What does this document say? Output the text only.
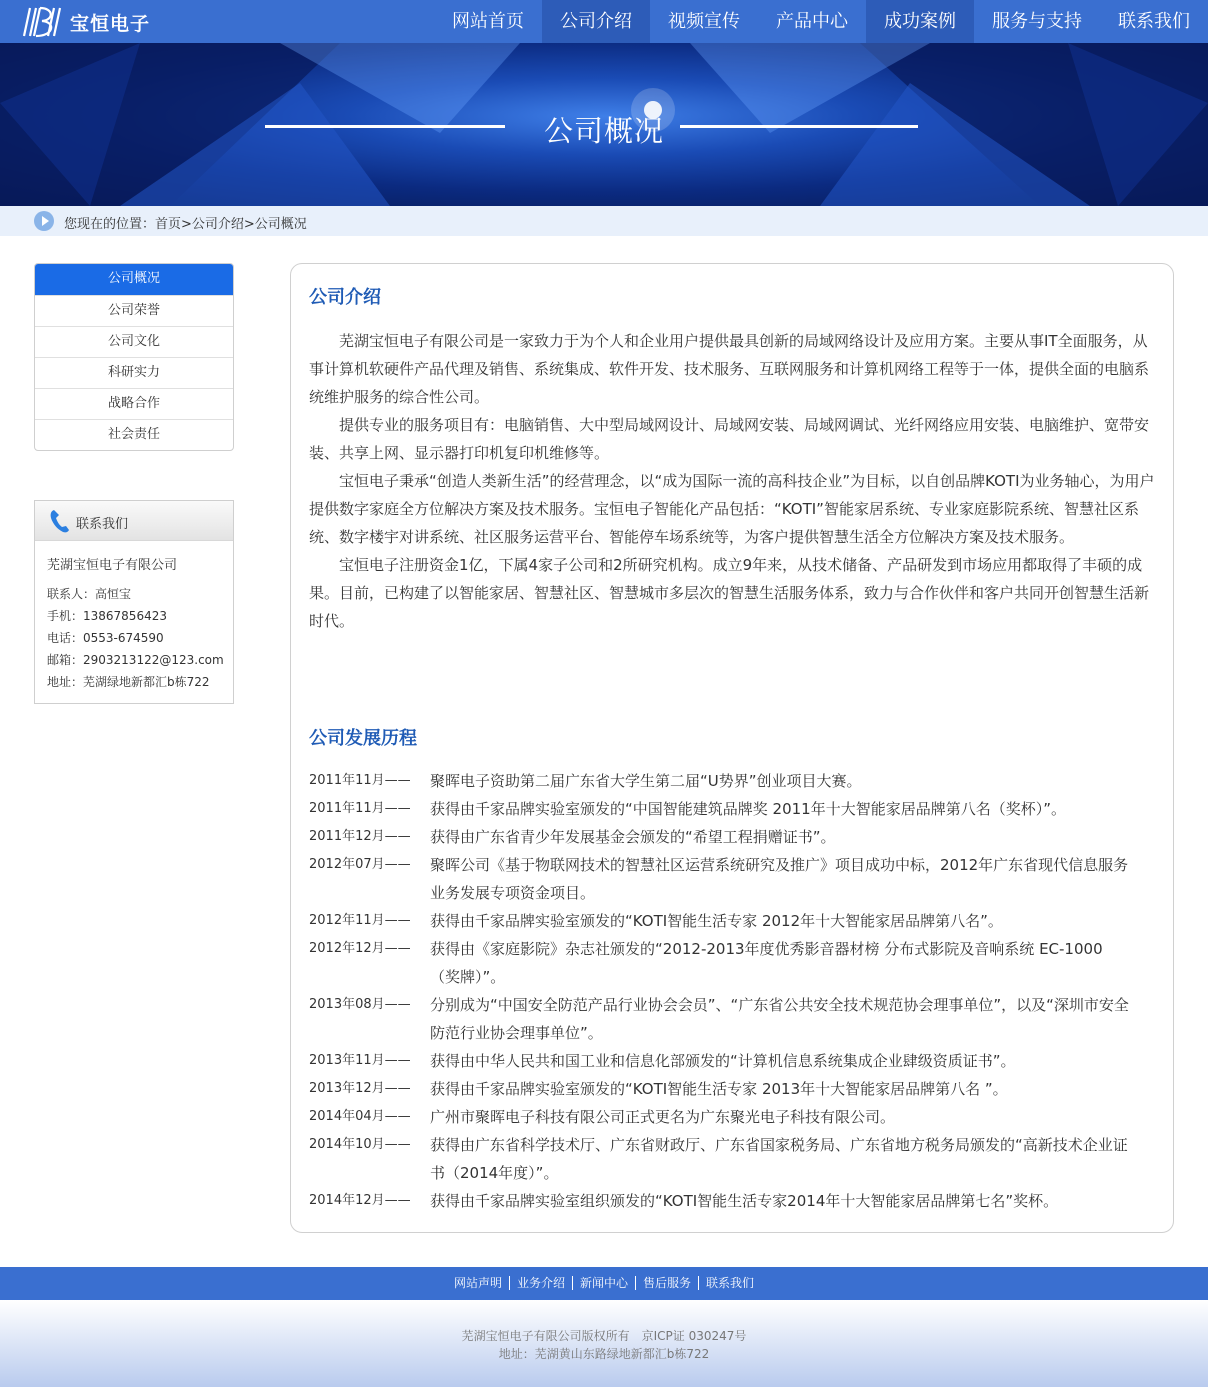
宝恒电子	网站首页	公司介绍	视频宣传	产品中心	成功案例	服务与支持	联系我们
公司概况
您现在的位置：首页>公司介绍>公司概况
公司概况
公司荣誉
公司文化
科研实力
战略合作
社会责任
联系我们
芜湖宝恒电子有限公司
联系人：高恒宝
手机：13867856423
电话：0553-674590
邮箱：2903213122@123.com
地址：芜湖绿地新都汇b栋722
公司介绍

芜湖宝恒电子有限公司是一家致力于为个人和企业用户提供最具创新的局域网络设计及应用方案。主要从事IT全面服务，从事计算机软硬件产品代理及销售、系统集成、软件开发、技术服务、互联网服务和计算机网络工程等于一体，提供全面的电脑系统维护服务的综合性公司。

提供专业的服务项目有：电脑销售、大中型局域网设计、局域网安装、局域网调试、光纤网络应用安装、电脑维护、宽带安装、共享上网、显示器打印机复印机维修等。

宝恒电子秉承“创造人类新生活”的经营理念，以“成为国际一流的高科技企业”为目标，以自创品牌KOTI为业务轴心，为用户提供数字家庭全方位解决方案及技术服务。宝恒电子智能化产品包括：“KOTI”智能家居系统、专业家庭影院系统、智慧社区系统、数字楼宇对讲系统、社区服务运营平台、智能停车场系统等，为客户提供智慧生活全方位解决方案及技术服务。

宝恒电子注册资金1亿，下属4家子公司和2所研究机构。成立9年来，从技术储备、产品研发到市场应用都取得了丰硕的成果。目前，已构建了以智能家居、智慧社区、智慧城市多层次的智慧生活服务体系，致力与合作伙伴和客户共同开创智慧生活新时代。

公司发展历程
2011年11月——	聚晖电子资助第二届广东省大学生第二届“U势界”创业项目大赛。
2011年11月——	获得由千家品牌实验室颁发的“中国智能建筑品牌奖 2011年十大智能家居品牌第八名（奖杯）”。
2011年12月——	获得由广东省青少年发展基金会颁发的“希望工程捐赠证书”。
2012年07月——	聚晖公司《基于物联网技术的智慧社区运营系统研究及推广》项目成功中标，2012年广东省现代信息服务业务发展专项资金项目。
2012年11月——	获得由千家品牌实验室颁发的“KOTI智能生活专家 2012年十大智能家居品牌第八名”。
2012年12月——	获得由《家庭影院》杂志社颁发的“2012-2013年度优秀影音器材榜 分布式影院及音响系统 EC-1000（奖牌）”。
2013年08月——	分别成为“中国安全防范产品行业协会会员”、“广东省公共安全技术规范协会理事单位”，以及“深圳市安全防范行业协会理事单位”。
2013年11月——	获得由中华人民共和国工业和信息化部颁发的“计算机信息系统集成企业肆级资质证书”。
2013年12月——	获得由千家品牌实验室颁发的“KOTI智能生活专家 2013年十大智能家居品牌第八名 ”。
2014年04月——	广州市聚晖电子科技有限公司正式更名为广东聚光电子科技有限公司。
2014年10月——	获得由广东省科学技术厅、广东省财政厅、广东省国家税务局、广东省地方税务局颁发的“高新技术企业证书（2014年度）”。
2014年12月——	获得由千家品牌实验室组织颁发的“KOTI智能生活专家2014年十大智能家居品牌第七名”奖杯。
网站声明	业务介绍	新闻中心	售后服务	联系我们
芜湖宝恒电子有限公司版权所有　京ICP证 030247号
地址：芜湖黄山东路绿地新都汇b栋722
